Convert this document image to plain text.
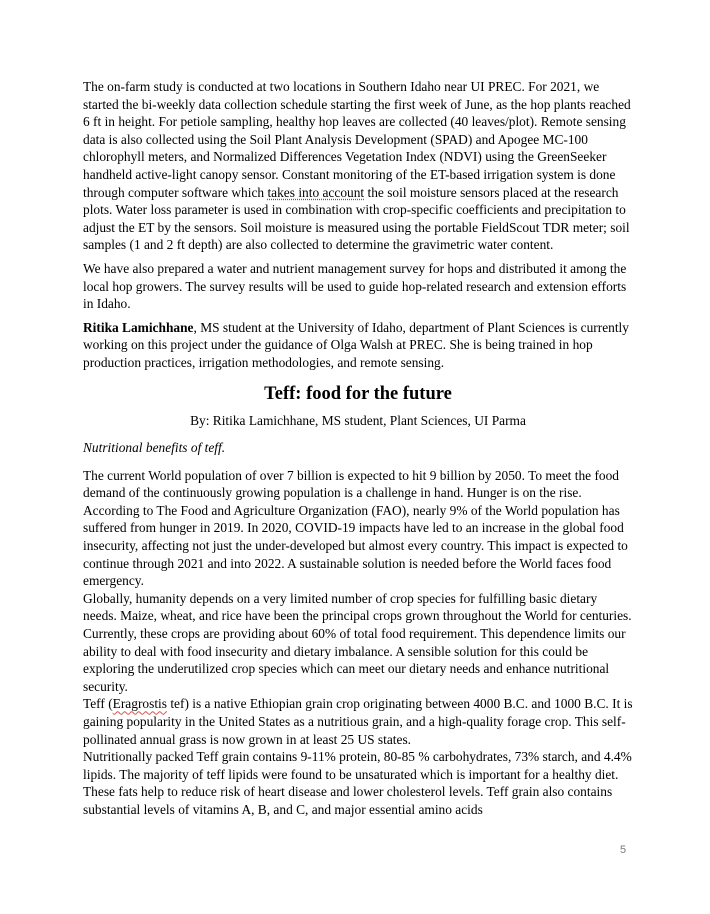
The on-farm study is conducted at two locations in Southern Idaho near UI PREC. For 2021, we started the bi-weekly data collection schedule starting the first week of June, as the hop plants reached 6 ft in height. For petiole sampling, healthy hop leaves are collected (40 leaves/plot). Remote sensing data is also collected using the Soil Plant Analysis Development (SPAD) and Apogee MC-100 chlorophyll meters, and Normalized Differences Vegetation Index (NDVI) using the GreenSeeker handheld active-light canopy sensor. Constant monitoring of the ET-based irrigation system is done through computer software which takes into account the soil moisture sensors placed at the research plots. Water loss parameter is used in combination with crop-specific coefficients and precipitation to adjust the ET by the sensors. Soil moisture is measured using the portable FieldScout TDR meter; soil samples (1 and 2 ft depth) are also collected to determine the gravimetric water content.

We have also prepared a water and nutrient management survey for hops and distributed it among the local hop growers. The survey results will be used to guide hop-related research and extension efforts in Idaho.

Ritika Lamichhane, MS student at the University of Idaho, department of Plant Sciences is currently working on this project under the guidance of Olga Walsh at PREC. She is being trained in hop production practices, irrigation methodologies, and remote sensing.

Teff: food for the future
By: Ritika Lamichhane, MS student, Plant Sciences, UI Parma
Nutritional benefits of teff.

The current World population of over 7 billion is expected to hit 9 billion by 2050. To meet the food demand of the continuously growing population is a challenge in hand. Hunger is on the rise. According to The Food and Agriculture Organization (FAO), nearly 9% of the World population has suffered from hunger in 2019. In 2020, COVID-19 impacts have led to an increase in the global food insecurity, affecting not just the under-developed but almost every country. This impact is expected to continue through 2021 and into 2022. A sustainable solution is needed before the World faces food emergency.

Globally, humanity depends on a very limited number of crop species for fulfilling basic dietary needs. Maize, wheat, and rice have been the principal crops grown throughout the World for centuries. Currently, these crops are providing about 60% of total food requirement. This dependence limits our ability to deal with food insecurity and dietary imbalance. A sensible solution for this could be exploring the underutilized crop species which can meet our dietary needs and enhance nutritional security.

Teff (Eragrostis tef) is a native Ethiopian grain crop originating between 4000 B.C. and 1000 B.C. It is gaining popularity in the United States as a nutritious grain, and a high-quality forage crop. This self-pollinated annual grass is now grown in at least 25 US states.

Nutritionally packed Teff grain contains 9-11% protein, 80-85 % carbohydrates, 73% starch, and 4.4% lipids. The majority of teff lipids were found to be unsaturated which is important for a healthy diet. These fats help to reduce risk of heart disease and lower cholesterol levels. Teff grain also contains substantial levels of vitamins A, B, and C, and major essential amino acids

5
